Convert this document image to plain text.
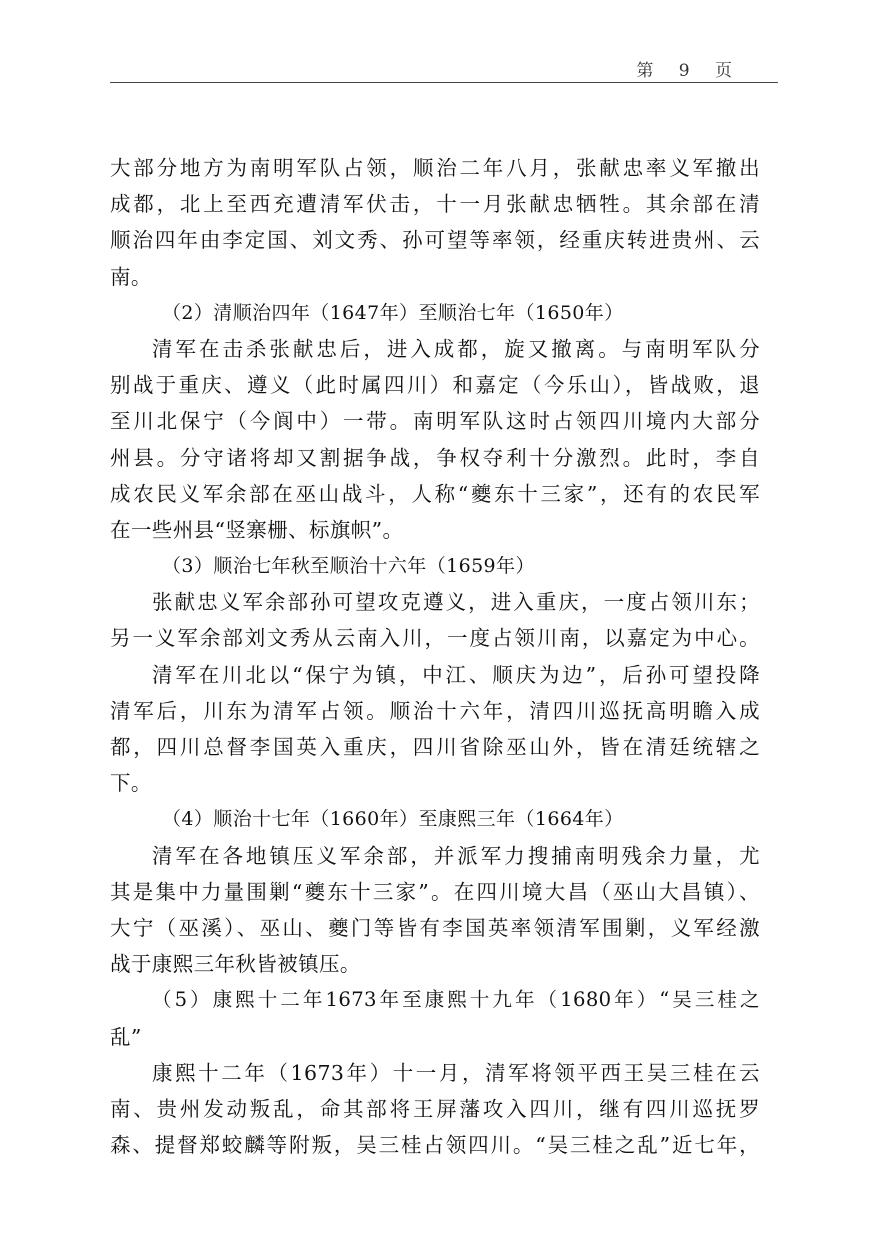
第 9 页
大部分地方为南明军队占领，顺治二年八月，张献忠率义军撤出
成都，北上至西充遭清军伏击，十一月张献忠牺牲。其余部在清
顺治四年由李定国、刘文秀、孙可望等率领，经重庆转进贵州、云
南。
（2）清顺治四年（1647年）至顺治七年（1650年）
清军在击杀张献忠后，进入成都，旋又撤离。与南明军队分
别战于重庆、遵义（此时属四川）和嘉定（今乐山），皆战败，退
至川北保宁（今阆中）一带。南明军队这时占领四川境内大部分
州县。分守诸将却又割据争战，争权夺利十分激烈。此时，李自
成农民义军余部在巫山战斗，人称“夔东十三家”，还有的农民军
在一些州县“竖寨栅、标旗帜”。
（3）顺治七年秋至顺治十六年（1659年）
张献忠义军余部孙可望攻克遵义，进入重庆，一度占领川东；
另一义军余部刘文秀从云南入川，一度占领川南，以嘉定为中心。
清军在川北以“保宁为镇，中江、顺庆为边”，后孙可望投降
清军后，川东为清军占领。顺治十六年，清四川巡抚高明瞻入成
都，四川总督李国英入重庆，四川省除巫山外，皆在清廷统辖之
下。
（4）顺治十七年（1660年）至康熙三年（1664年）
清军在各地镇压义军余部，并派军力搜捕南明残余力量，尤
其是集中力量围剿“夔东十三家”。在四川境大昌（巫山大昌镇）、
大宁（巫溪）、巫山、夔门等皆有李国英率领清军围剿，义军经激
战于康熙三年秋皆被镇压。
（5）康熙十二年1673年至康熙十九年（1680年）“吴三桂之
乱”
康熙十二年（1673年）十一月，清军将领平西王吴三桂在云
南、贵州发动叛乱，命其部将王屏藩攻入四川，继有四川巡抚罗
森、提督郑蛟麟等附叛，吴三桂占领四川。“吴三桂之乱”近七年，
